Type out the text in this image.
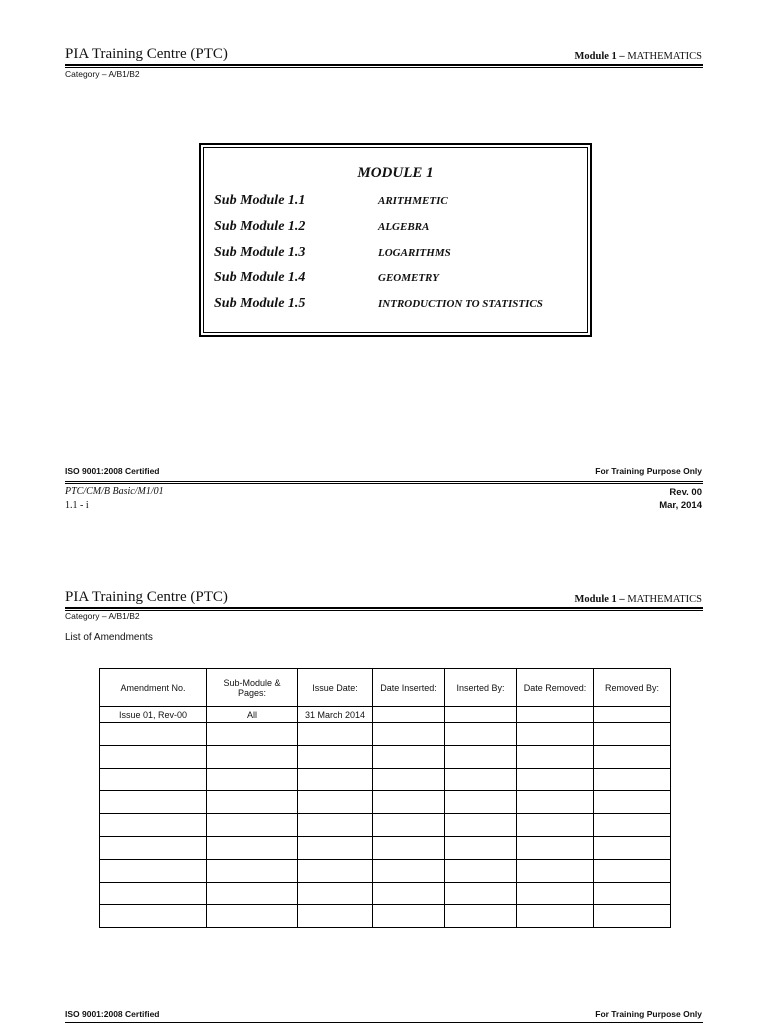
PIA Training Centre (PTC)	Module 1 – MATHEMATICS
Category – A/B1/B2
MODULE 1
Sub Module 1.1	ARITHMETIC
Sub Module 1.2	ALGEBRA
Sub Module 1.3	LOGARITHMS
Sub Module 1.4	GEOMETRY
Sub Module 1.5	INTRODUCTION TO STATISTICS
ISO 9001:2008 Certified	For Training Purpose Only
PTC/CM/B Basic/M1/01
1.1 - i
Rev. 00
Mar, 2014
PIA Training Centre (PTC)	Module 1 – MATHEMATICS
Category – A/B1/B2
List of Amendments
Amendment No.	Sub-Module & Pages:	Issue Date:	Date Inserted:	Inserted By:	Date Removed:	Removed By:
Issue 01, Rev-00	All	31 March 2014				

ISO 9001:2008 Certified	For Training Purpose Only
